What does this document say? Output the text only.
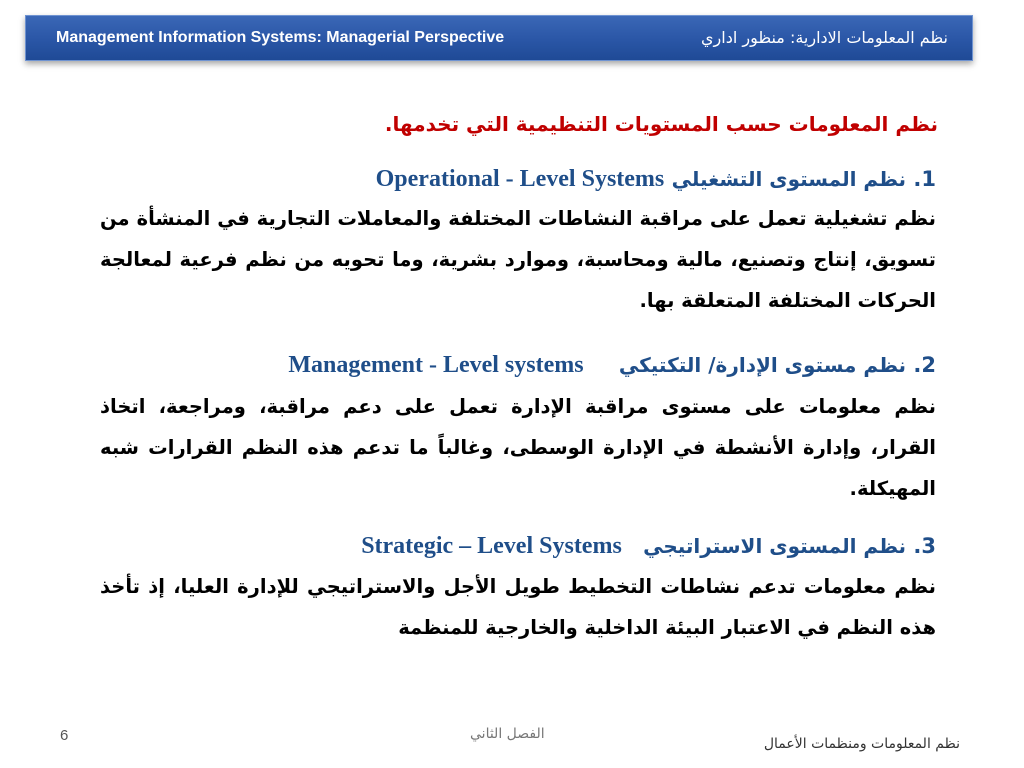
Management Information Systems: Managerial Perspective	نظم المعلومات الادارية: منظور اداري
نظم المعلومات حسب المستويات التنظيمية التي تخدمها.
1. نظم المستوى التشغيلي Operational - Level Systems
نظم تشغيلية تعمل على مراقبة النشاطات المختلفة والمعاملات التجارية في المنشأة من تسويق، إنتاج وتصنيع، مالية ومحاسبة، وموارد بشرية، وما تحويه من نظم فرعية لمعالجة الحركات المختلفة المتعلقة بها.
2. نظم مستوى الإدارة/ التكتيكي Management - Level systems
نظم معلومات على مستوى مراقبة الإدارة تعمل على دعم مراقبة، ومراجعة، اتخاذ القرار، وإدارة الأنشطة في الإدارة الوسطى، وغالباً ما تدعم هذه النظم القرارات شبه المهيكلة.
3. نظم المستوى الاستراتيجي Strategic – Level Systems
نظم معلومات تدعم نشاطات التخطيط طويل الأجل والاستراتيجي للإدارة العليا، إذ تأخذ هذه النظم في الاعتبار البيئة الداخلية والخارجية للمنظمة
6	الفصل الثاني
نظم المعلومات ومنظمات الأعمال
